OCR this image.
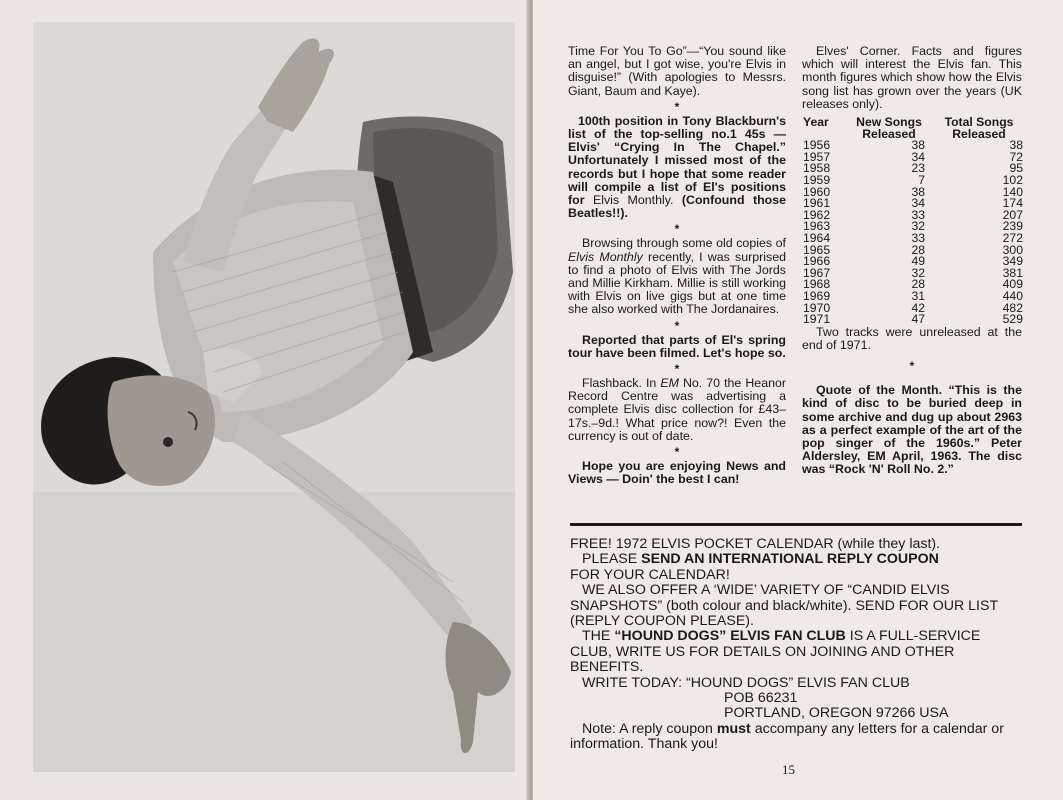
Time For You To Go”—“You sound like an angel, but I got wise, you're Elvis in disguise!” (With apologies to Messrs. Giant, Baum and Kaye).

*

100th position in Tony Blackburn's list of the top-selling no.1 45s — Elvis' “Crying In The Chapel.” Unfortunately I missed most of the records but I hope that some reader will compile a list of El's positions for Elvis Monthly. (Confound those Beatles!!).

*

Browsing through some old copies of Elvis Monthly recently, I was surprised to find a photo of Elvis with The Jords and Millie Kirkham. Millie is still working with Elvis on live gigs but at one time she also worked with The Jordanaires.

*

Reported that parts of El's spring tour have been filmed. Let's hope so.

*

Flashback. In EM No. 70 the Heanor Record Centre was advertising a complete Elvis disc collection for £43–17s.–9d.! What price now?! Even the currency is out of date.

*

Hope you are enjoying News and Views — Doin' the best I can!

Elves' Corner. Facts and figures which will interest the Elvis fan. This month figures which show how the Elvis song list has grown over the years (UK releases only).

Year	New Songs Released	Total Songs Released
1956	38	38
1957	34	72
1958	23	95
1959	7	102
1960	38	140
1961	34	174
1962	33	207
1963	32	239
1964	33	272
1965	28	300
1966	49	349
1967	32	381
1968	28	409
1969	31	440
1970	42	482
1971	47	529

Two tracks were unreleased at the end of 1971.

*

Quote of the Month. “This is the kind of disc to be buried deep in some archive and dug up about 2963 as a perfect example of the art of the pop singer of the 1960s.” Peter Aldersley, EM April, 1963. The disc was “Rock 'N' Roll No. 2.”

FREE! 1972 ELVIS POCKET CALENDAR (while they last).

PLEASE SEND AN INTERNATIONAL REPLY COUPON

FOR YOUR CALENDAR!

WE ALSO OFFER A ‘WIDE’ VARIETY OF “CANDID ELVIS SNAPSHOTS” (both colour and black/white). SEND FOR OUR LIST (REPLY COUPON PLEASE).

THE “HOUND DOGS” ELVIS FAN CLUB IS A FULL-SERVICE CLUB, WRITE US FOR DETAILS ON JOINING AND OTHER BENEFITS.

WRITE TODAY: “HOUND DOGS” ELVIS FAN CLUB

POB 66231

PORTLAND, OREGON 97266 USA

Note: A reply coupon must accompany any letters for a calendar or information. Thank you!

15
